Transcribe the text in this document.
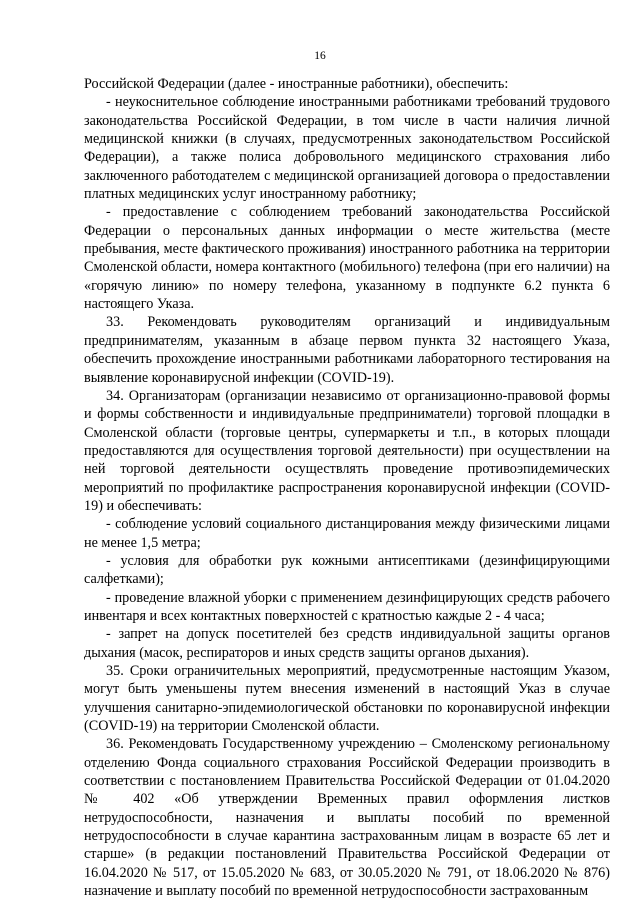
16

Российской Федерации (далее - иностранные работники), обеспечить:

- неукоснительное соблюдение иностранными работниками требований трудового законодательства Российской Федерации, в том числе в части наличия личной медицинской книжки (в случаях, предусмотренных законодательством Российской Федерации), а также полиса добровольного медицинского страхования либо заключенного работодателем с медицинской организацией договора о предоставлении платных медицинских услуг иностранному работнику;

- предоставление с соблюдением требований законодательства Российской Федерации о персональных данных информации о месте жительства (месте пребывания, месте фактического проживания) иностранного работника на территории Смоленской области, номера контактного (мобильного) телефона (при его наличии) на «горячую линию» по номеру телефона, указанному в подпункте 6.2 пункта 6 настоящего Указа.

33. Рекомендовать руководителям организаций и индивидуальным предпринимателям, указанным в абзаце первом пункта 32 настоящего Указа, обеспечить прохождение иностранными работниками лабораторного тестирования на выявление коронавирусной инфекции (COVID-19).

34. Организаторам (организации независимо от организационно-правовой формы и формы собственности и индивидуальные предприниматели) торговой площадки в Смоленской области (торговые центры, супермаркеты и т.п., в которых площади предоставляются для осуществления торговой деятельности) при осуществлении на ней торговой деятельности осуществлять проведение противоэпидемических мероприятий по профилактике распространения коронавирусной инфекции (COVID-19) и обеспечивать:

- соблюдение условий социального дистанцирования между физическими лицами не менее 1,5 метра;

- условия для обработки рук кожными антисептиками (дезинфицирующими салфетками);

- проведение влажной уборки с применением дезинфицирующих средств рабочего инвентаря и всех контактных поверхностей с кратностью каждые 2 - 4 часа;

- запрет на допуск посетителей без средств индивидуальной защиты органов дыхания (масок, респираторов и иных средств защиты органов дыхания).

35. Сроки ограничительных мероприятий, предусмотренные настоящим Указом, могут быть уменьшены путем внесения изменений в настоящий Указ в случае улучшения санитарно-эпидемиологической обстановки по коронавирусной инфекции (COVID-19) на территории Смоленской области.

36. Рекомендовать Государственному учреждению – Смоленскому региональному отделению Фонда социального страхования Российской Федерации производить в соответствии с постановлением Правительства Российской Федерации от 01.04.2020 № 402 «Об утверждении Временных правил оформления листков нетрудоспособности, назначения и выплаты пособий по временной нетрудоспособности в случае карантина застрахованным лицам в возрасте 65 лет и старше» (в редакции постановлений Правительства Российской Федерации от 16.04.2020 № 517, от 15.05.2020 № 683, от 30.05.2020 № 791, от 18.06.2020 № 876) назначение и выплату пособий по временной нетрудоспособности застрахованным
